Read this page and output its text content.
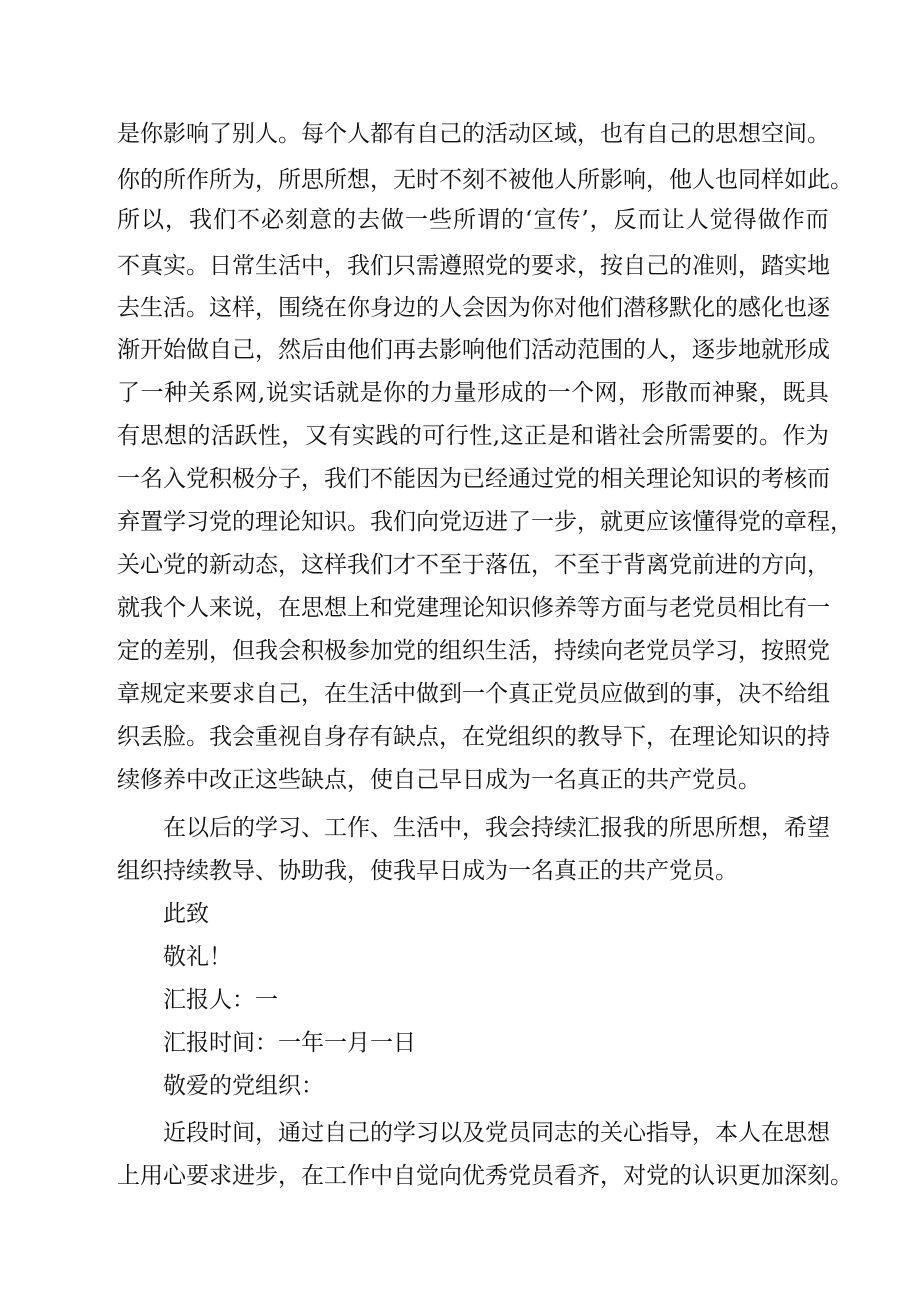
是 你 影 响 了 别 人 。 每 个 人 都 有 自 己 的 活 动 区 域 ， 也 有 自 己 的 思 想 空 间 。
你 的 所 作 所 为 ， 所 思 所 想 ， 无 时 不 刻 不 被 他 人 所 影 响 ， 他 人 也 同 样 如 此 。
所 以 ， 我 们 不 必 刻 意 的 去 做 一 些 所 谓 的 ‘ 宣 传 ’ ， 反 而 让 人 觉 得 做 作 而
不 真 实 。 日 常 生 活 中 ， 我 们 只 需 遵 照 党 的 要 求 ， 按 自 己 的 准 则 ， 踏 实 地
去 生 活 。 这 样 ， 围 绕 在 你 身 边 的 人 会 因 为 你 对 他 们 潜 移 默 化 的 感 化 也 逐
渐 开 始 做 自 己 ， 然 后 由 他 们 再 去 影 响 他 们 活 动 范 围 的 人 ， 逐 步 地 就 形 成
了 一 种 关 系 网 , 说 实 话 就 是 你 的 力 量 形 成 的 一 个 网 ， 形 散 而 神 聚 ， 既 具
有 思 想 的 活 跃 性 ， 又 有 实 践 的 可 行 性 , 这 正 是 和 谐 社 会 所 需 要 的 。 作 为
一 名 入 党 积 极 分 子 ， 我 们 不 能 因 为 已 经 通 过 党 的 相 关 理 论 知 识 的 考 核 而
弃 置 学 习 党 的 理 论 知 识 。 我 们 向 党 迈 进 了 一 步 ， 就 更 应 该 懂 得 党 的 章 程 ，
关 心 党 的 新 动 态 ， 这 样 我 们 才 不 至 于 落 伍 ， 不 至 于 背 离 党 前 进 的 方 向 ，
就 我 个 人 来 说 ， 在 思 想 上 和 党 建 理 论 知 识 修 养 等 方 面 与 老 党 员 相 比 有 一
定 的 差 别 ， 但 我 会 积 极 参 加 党 的 组 织 生 活 ， 持 续 向 老 党 员 学 习 ， 按 照 党
章 规 定 来 要 求 自 己 ， 在 生 活 中 做 到 一 个 真 正 党 员 应 做 到 的 事 ， 决 不 给 组
织 丢 脸 。 我 会 重 视 自 身 存 有 缺 点 ， 在 党 组 织 的 教 导 下 ， 在 理 论 知 识 的 持
续修养中改正这些缺点，使自己早日成为一名真正的共产党员。
在 以 后 的 学 习 、 工 作 、 生 活 中 ， 我 会 持 续 汇 报 我 的 所 思 所 想 ， 希 望
组织持续教导、协助我，使我早日成为一名真正的共产党员。
此致
敬礼！
汇报人：一
汇报时间：一年一月一日
敬爱的党组织：
近 段 时 间 ， 通 过 自 己 的 学 习 以 及 党 员 同 志 的 关 心 指 导 ， 本 人 在 思 想
上 用 心 要 求 进 步 ， 在 工 作 中 自 觉 向 优 秀 党 员 看 齐 ， 对 党 的 认 识 更 加 深 刻 。
